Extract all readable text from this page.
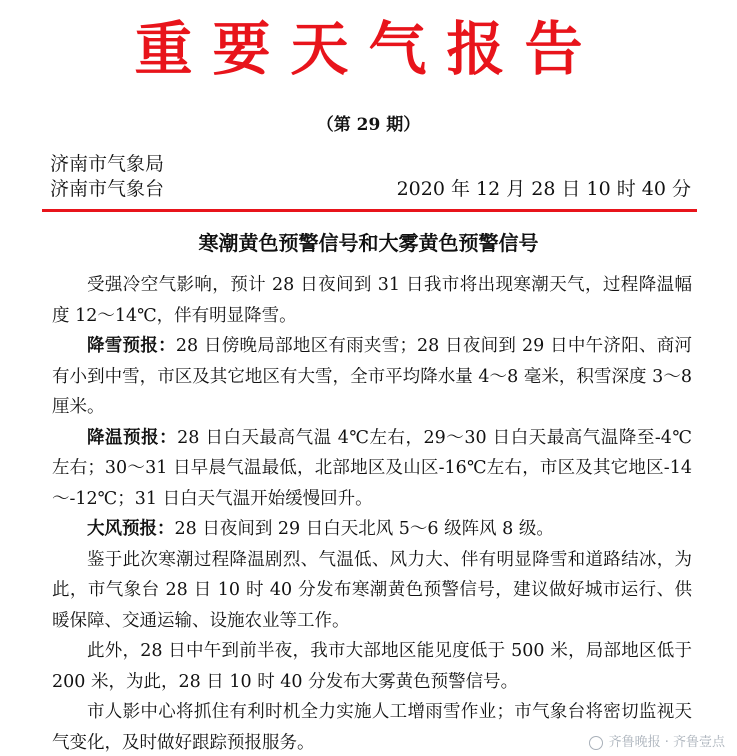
重要天气报告
（第 29 期）
济南市气象局
济南市气象台	2020 年 12 月 28 日 10 时 40 分
寒潮黄色预警信号和大雾黄色预警信号

受强冷空气影响，预计 28 日夜间到 31 日我市将出现寒潮天气，过程降温幅度 12～14℃，伴有明显降雪。

降雪预报：28 日傍晚局部地区有雨夹雪；28 日夜间到 29 日中午济阳、商河有小到中雪，市区及其它地区有大雪，全市平均降水量 4～8 毫米，积雪深度 3～8 厘米。

降温预报：28 日白天最高气温 4℃左右，29～30 日白天最高气温降至-4℃左右；30～31 日早晨气温最低，北部地区及山区-16℃左右，市区及其它地区-14～-12℃；31 日白天气温开始缓慢回升。

大风预报：28 日夜间到 29 日白天北风 5～6 级阵风 8 级。

鉴于此次寒潮过程降温剧烈、气温低、风力大、伴有明显降雪和道路结冰，为此，市气象台 28 日 10 时 40 分发布寒潮黄色预警信号，建议做好城市运行、供暖保障、交通运输、设施农业等工作。

此外，28 日中午到前半夜，我市大部地区能见度低于 500 米，局部地区低于 200 米，为此，28 日 10 时 40 分发布大雾黄色预警信号。

市人影中心将抓住有利时机全力实施人工增雨雪作业；市气象台将密切监视天气变化，及时做好跟踪预报服务。	齐鲁晚报 · 齐鲁壹点
